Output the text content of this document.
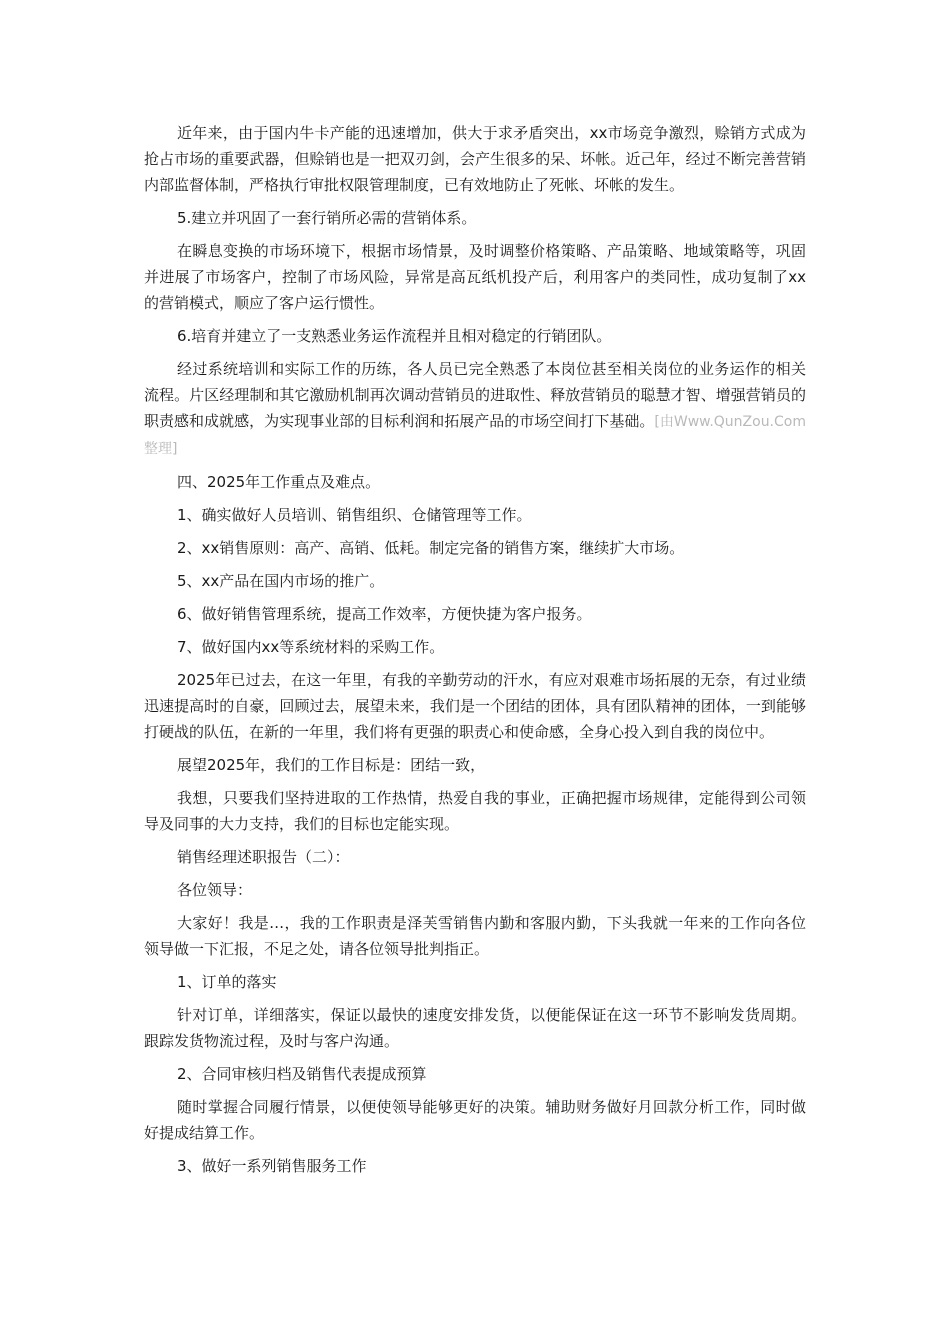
近年来，由于国内牛卡产能的迅速增加，供大于求矛盾突出，xx市场竞争激烈，赊销方式成为抢占市场的重要武器，但赊销也是一把双刃剑，会产生很多的呆、坏帐。近己年，经过不断完善营销内部监督体制，严格执行审批权限管理制度，已有效地防止了死帐、坏帐的发生。

5.建立并巩固了一套行销所必需的营销体系。

在瞬息变换的市场环境下，根据市场情景，及时调整价格策略、产品策略、地域策略等，巩固并进展了市场客户，控制了市场风险，异常是高瓦纸机投产后，利用客户的类同性，成功复制了xx的营销模式，顺应了客户运行惯性。

6.培育并建立了一支熟悉业务运作流程并且相对稳定的行销团队。

经过系统培训和实际工作的历练，各人员已完全熟悉了本岗位甚至相关岗位的业务运作的相关流程。片区经理制和其它激励机制再次调动营销员的进取性、释放营销员的聪慧才智、增强营销员的职责感和成就感，为实现事业部的目标利润和拓展产品的市场空间打下基础。[由Www.QunZou.Com整理]

四、2025年工作重点及难点。

1、确实做好人员培训、销售组织、仓储管理等工作。

2、xx销售原则：高产、高销、低耗。制定完备的销售方案，继续扩大市场。

5、xx产品在国内市场的推广。

6、做好销售管理系统，提高工作效率，方便快捷为客户报务。

7、做好国内xx等系统材料的采购工作。

2025年已过去，在这一年里，有我的辛勤劳动的汗水，有应对艰难市场拓展的无奈，有过业绩迅速提高时的自豪，回顾过去，展望未来，我们是一个团结的团体，具有团队精神的团体，一到能够打硬战的队伍，在新的一年里，我们将有更强的职责心和使命感，全身心投入到自我的岗位中。

展望2025年，我们的工作目标是：团结一致，

我想，只要我们坚持进取的工作热情，热爱自我的事业，正确把握市场规律，定能得到公司领导及同事的大力支持，我们的目标也定能实现。

销售经理述职报告（二）：

各位领导：

大家好！我是…，我的工作职责是泽芙雪销售内勤和客服内勤，下头我就一年来的工作向各位领导做一下汇报，不足之处，请各位领导批判指正。

1、订单的落实

针对订单，详细落实，保证以最快的速度安排发货，以便能保证在这一环节不影响发货周期。跟踪发货物流过程，及时与客户沟通。

2、合同审核归档及销售代表提成预算

随时掌握合同履行情景，以便使领导能够更好的决策。辅助财务做好月回款分析工作，同时做好提成结算工作。

3、做好一系列销售服务工作
